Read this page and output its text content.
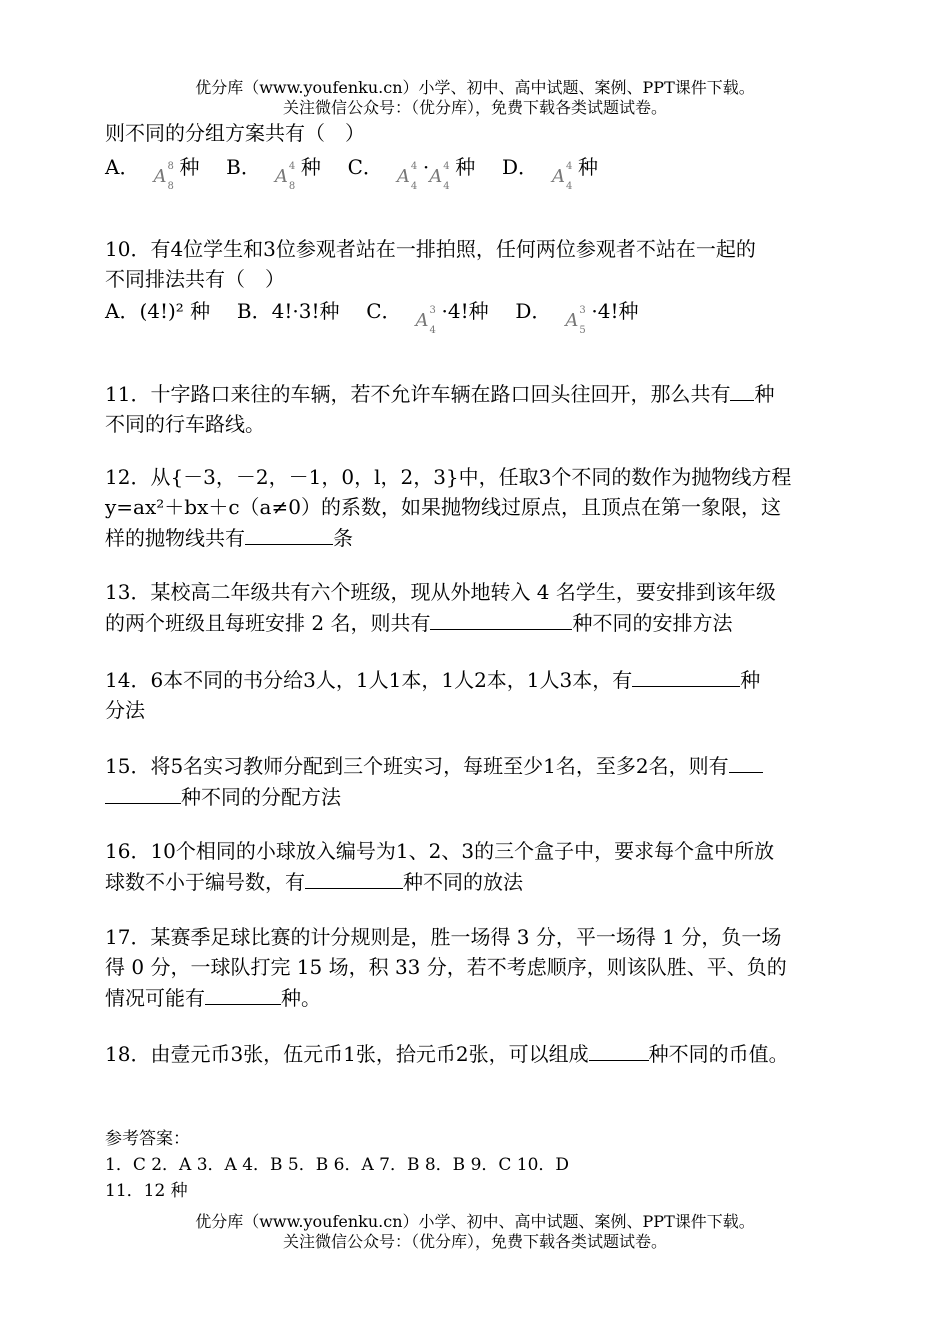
优分库（www.youfenku.cn）小学、初中、高中试题、案例、PPT课件下载。
关注微信公众号：（优分库），免费下载各类试题试卷。
则不同的分组方案共有（　）
A． A 8
8
种 B． A 4
8
种 C． A 4
4
· A 4
4
种 D． A 4
4
种
10．有4位学生和3位参观者站在一排拍照，任何两位参观者不站在一起的
不同排法共有（　）
A．(4!)² 种 B．4!·3!种 C． A 3
4
·4!种 D． A 3
5
·4!种
11．十字路口来往的车辆，若不允许车辆在路口回头往回开，那么共有 种
不同的行车路线。
12．从{－3，－2，－1，0，l，2，3}中，任取3个不同的数作为抛物线方程
y=ax²＋bx＋c（a≠0）的系数，如果抛物线过原点，且顶点在第一象限，这
样的抛物线共有	条
13．某校高二年级共有六个班级，现从外地转入 4 名学生，要安排到该年级
的两个班级且每班安排 2 名，则共有	种不同的安排方法
14．6本不同的书分给3人，1人1本，1人2本，1人3本，有	种
分法
15．将5名实习教师分配到三个班实习，每班至少1名，至多2名，则有
种不同的分配方法
16．10个相同的小球放入编号为1、2、3的三个盒子中，要求每个盒中所放
球数不小于编号数，有	种不同的放法
17．某赛季足球比赛的计分规则是，胜一场得 3 分，平一场得 1 分，负一场
得 0 分，一球队打完 15 场，积 33 分，若不考虑顺序，则该队胜、平、负的
情况可能有	种。
18．由壹元币3张，伍元币1张，拾元币2张，可以组成	种不同的币值。
参考答案：
1．C 2．A 3．A 4．B 5．B 6．A 7．B 8．B 9．C 10．D
11．12 种
优分库（www.youfenku.cn）小学、初中、高中试题、案例、PPT课件下载。
关注微信公众号：（优分库），免费下载各类试题试卷。
